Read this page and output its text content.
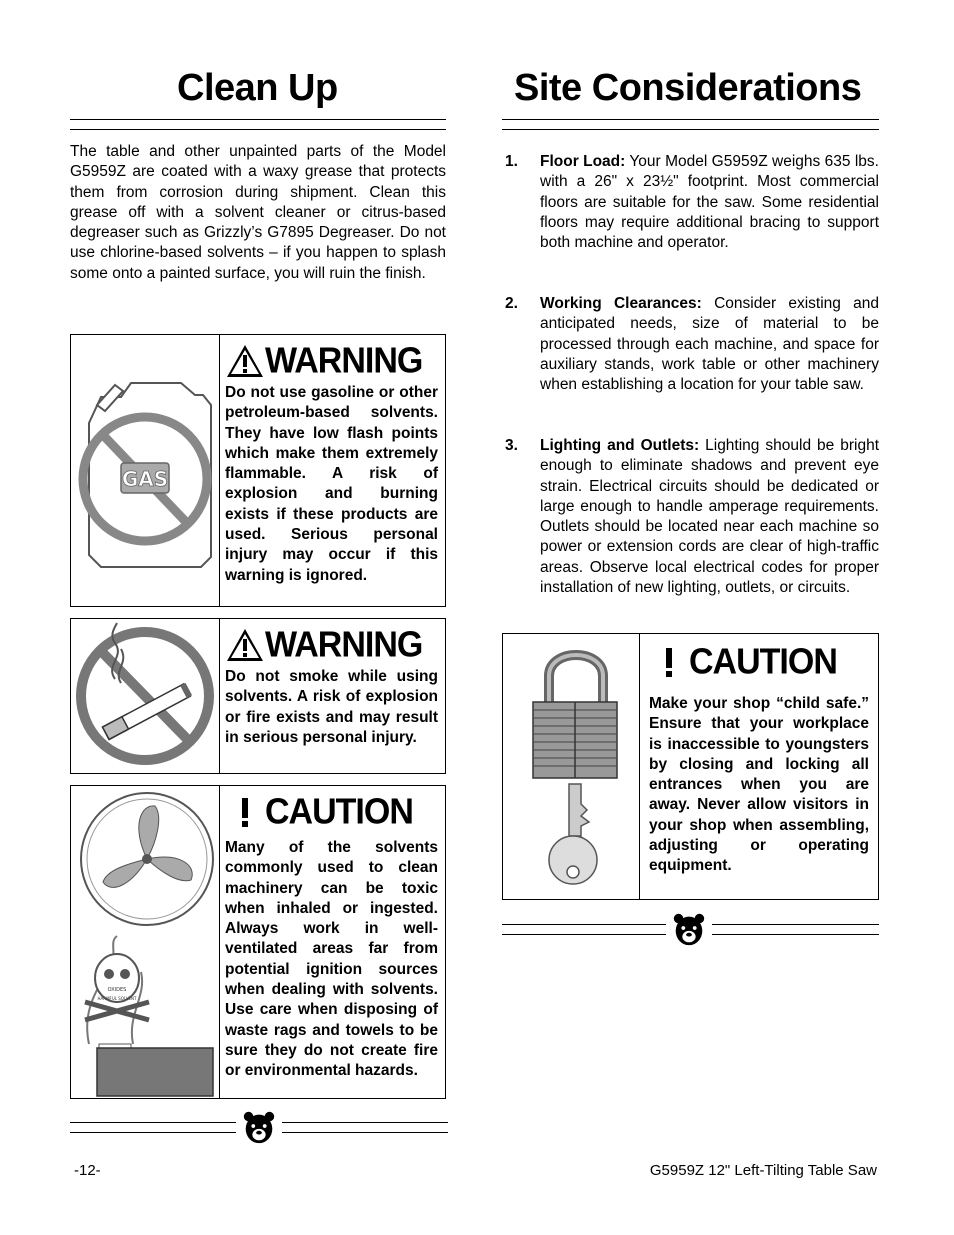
Clean Up

The table and other unpainted parts of the Model G5959Z are coated with a waxy grease that protects them from corrosion during shipment. Clean this grease off with a solvent cleaner or citrus-based degreaser such as Grizzly’s G7895 Degreaser. Do not use chlorine-based solvents – if you happen to splash some onto a painted surface, you will ruin the finish.

GAS
WARNING
Do not use gasoline or other petroleum-based solvents. They have low flash points which make them extremely flammable. A risk of explosion and burning exists if these products are used. Serious personal injury may occur if this warning is ignored.
WARNING
Do not smoke while using solvents. A risk of explosion or fire exists and may result in serious personal injury.
OXIDES
HARMFUL SOLVENT
CAUTION
Many of the solvents commonly used to clean machinery can be toxic when inhaled or ingested. Always work in well-ventilated areas far from potential ignition sources when dealing with solvents. Use care when disposing of waste rags and towels to be sure they do not create fire or environmental hazards.
-12-
Site Considerations
1. Floor Load: Your Model G5959Z weighs 635 lbs. with a 26" x 23½" footprint. Most commercial floors are suitable for the saw. Some residential floors may require additional bracing to support both machine and operator.
2. Working Clearances: Consider existing and anticipated needs, size of material to be processed through each machine, and space for auxiliary stands, work table or other machinery when establishing a location for your table saw.
3. Lighting and Outlets: Lighting should be bright enough to eliminate shadows and prevent eye strain. Electrical circuits should be dedicated or large enough to handle amperage requirements. Outlets should be located near each machine so power or extension cords are clear of high-traffic areas. Observe local electrical codes for proper installation of new lighting, outlets, or circuits.
CAUTION
Make your shop “child safe.” Ensure that your workplace is inaccessible to youngsters by closing and locking all entrances when you are away. Never allow visitors in your shop when assembling, adjusting or operating equipment.
G5959Z 12" Left-Tilting Table Saw
